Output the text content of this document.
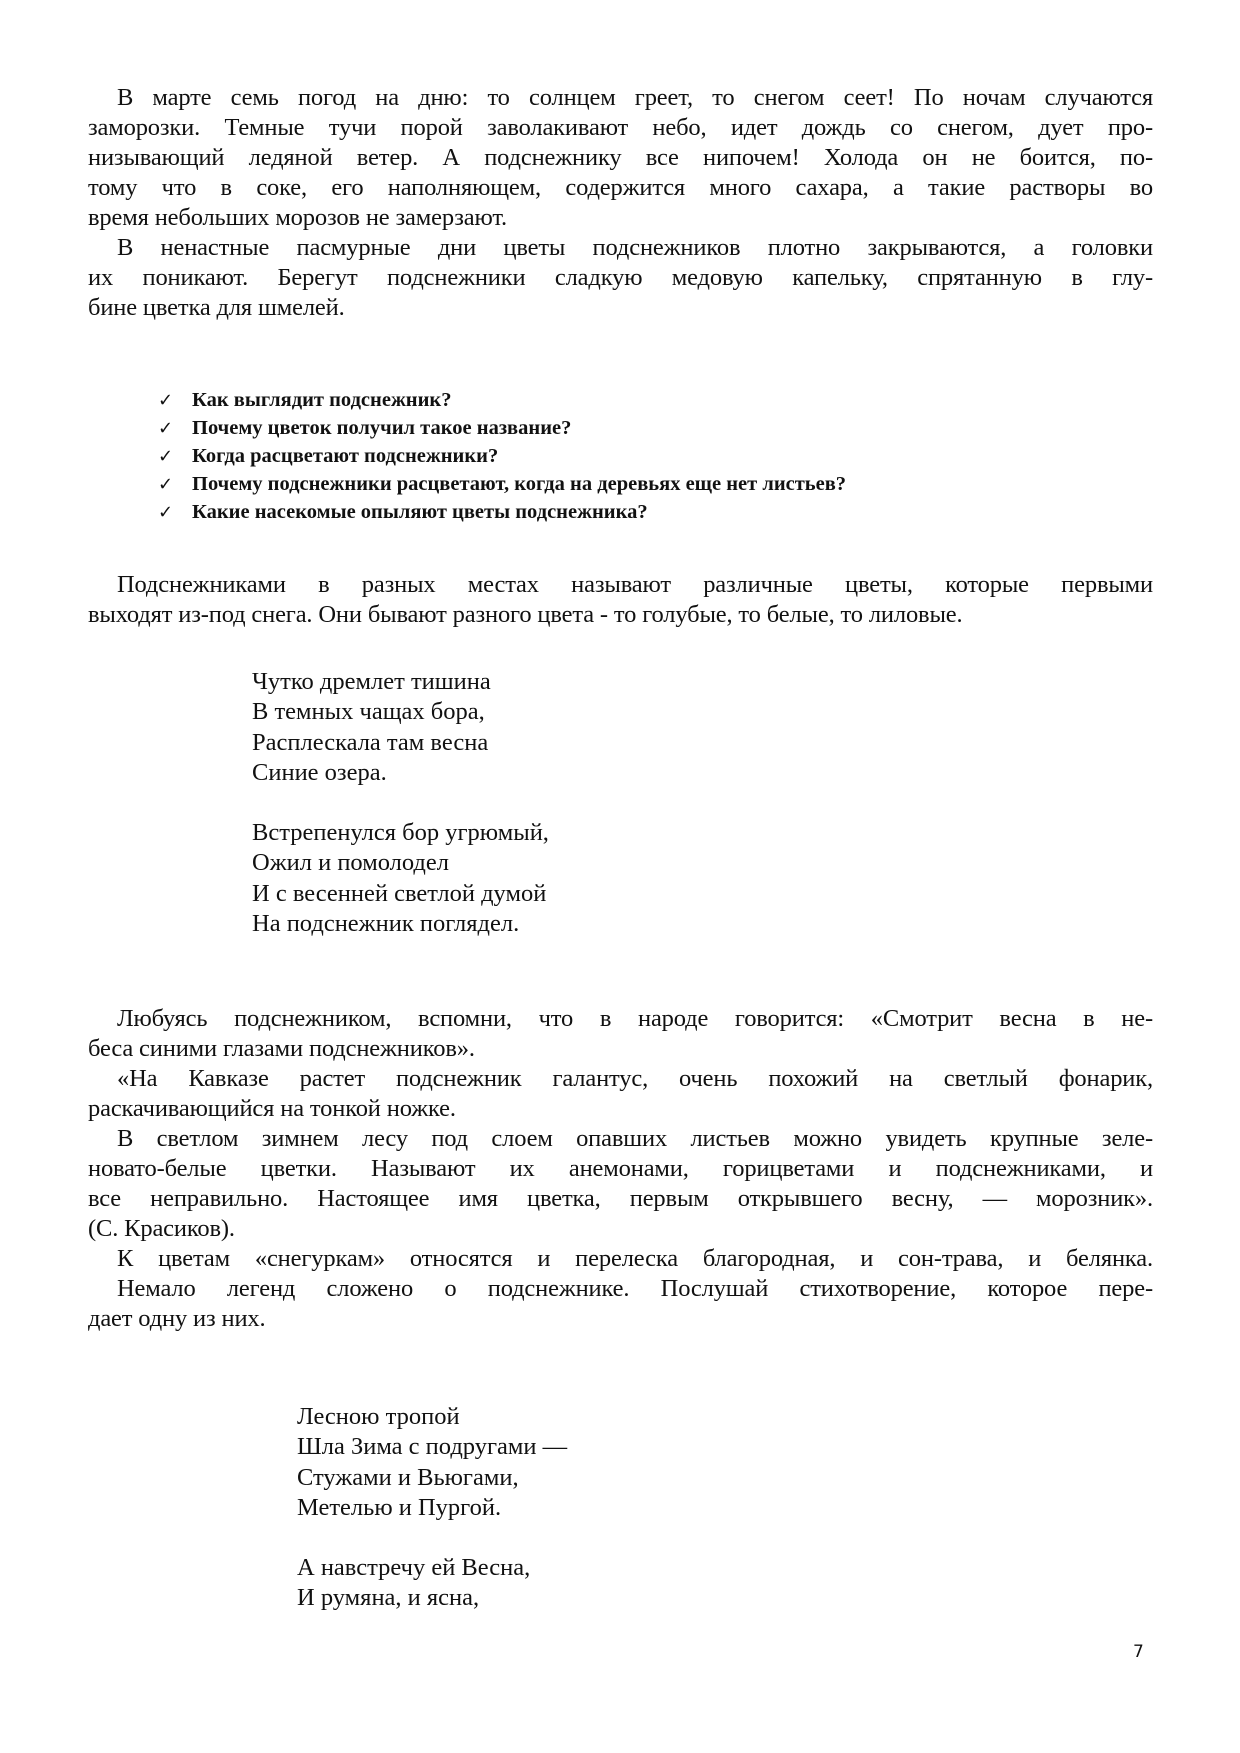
В марте семь погод на дню: то солнцем греет, то снегом сеет! По ночам случаются
заморозки. Темные тучи порой заволакивают небо, идет дождь со снегом, дует про-
низывающий ледяной ветер. А подснежнику все нипочем! Холода он не боится, по-
тому что в соке, его наполняющем, содержится много сахара, а такие растворы во
время небольших морозов не замерзают.
В ненастные пасмурные дни цветы подснежников плотно закрываются, а головки
их поникают. Берегут подснежники сладкую медовую капельку, спрятанную в глу-
бине цветка для шмелей.
✓ Как выглядит подснежник?
✓ Почему цветок получил такое название?
✓ Когда расцветают подснежники?
✓ Почему подснежники расцветают, когда на деревьях еще нет листьев?
✓ Какие насекомые опыляют цветы подснежника?
Подснежниками в разных местах называют различные цветы, которые первыми
выходят из-под снега. Они бывают разного цвета - то голубые, то белые, то лиловые.
Чутко дремлет тишина
В темных чащах бора,
Расплескала там весна
Синие озера.
Встрепенулся бор угрюмый,
Ожил и помолодел
И с весенней светлой думой
На подснежник поглядел.
Любуясь подснежником, вспомни, что в народе говорится: «Смотрит весна в не-
беса синими глазами подснежников».
«На Кавказе растет подснежник галантус, очень похожий на светлый фонарик,
раскачивающийся на тонкой ножке.
В светлом зимнем лесу под слоем опавших листьев можно увидеть крупные зеле-
новато-белые цветки. Называют их анемонами, горицветами и подснежниками, и
все неправильно. Настоящее имя цветка, первым открывшего весну, — морозник».
(С. Красиков).
К цветам «снегуркам» относятся и перелеска благородная, и сон-трава, и белянка.
Немало легенд сложено о подснежнике. Послушай стихотворение, которое пере-
дает одну из них.
Лесною тропой
Шла Зима с подругами —
Стужами и Вьюгами,
Метелью и Пургой.
А навстречу ей Весна,
И румяна, и ясна,
7
